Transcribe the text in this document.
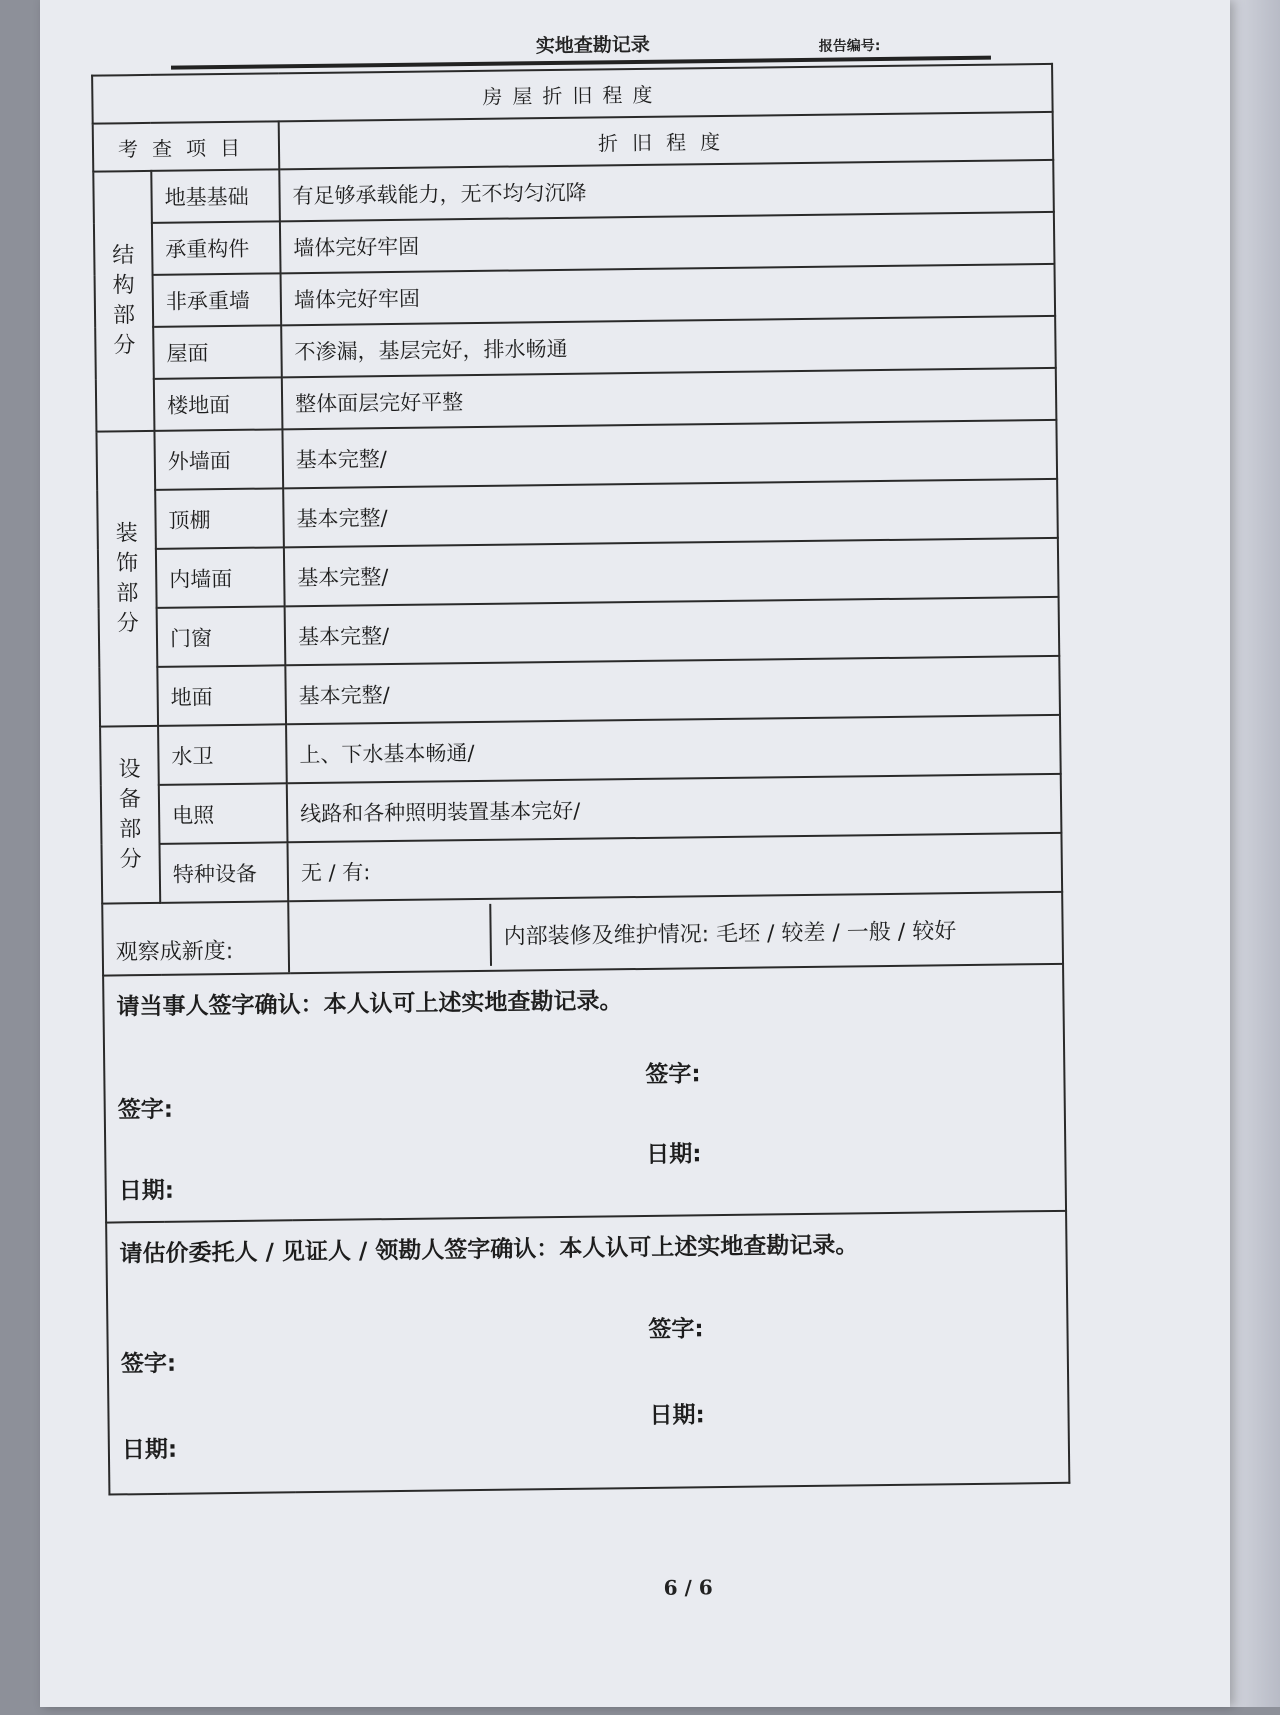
实地查勘记录	报告编号:
房屋折旧程度		
考查项目		折旧程度
结构部分	地基基础	有足够承载能力，无不均匀沉降
	承重构件	墙体完好牢固
	非承重墙	墙体完好牢固
	屋面	不渗漏，基层完好，排水畅通
	楼地面	整体面层完好平整
装饰部分	外墙面	基本完整/
	顶棚	基本完整/
	内墙面	基本完整/
	门窗	基本完整/
	地面	基本完整/
设备部分	水卫	上、下水基本畅通/
	电照	线路和各种照明装置基本完好/
	特种设备	无 / 有:
观察成新度:		内部装修及维护情况: 毛坯 / 较差 / 一般 / 较好

请当事人签字确认：本人认可上述实地查勘记录。
签字:
日期:
签字:
日期:		

请估价委托人 / 见证人 / 领勘人签字确认：本人认可上述实地查勘记录。
签字:
日期:
签字:
日期:		
6 / 6
